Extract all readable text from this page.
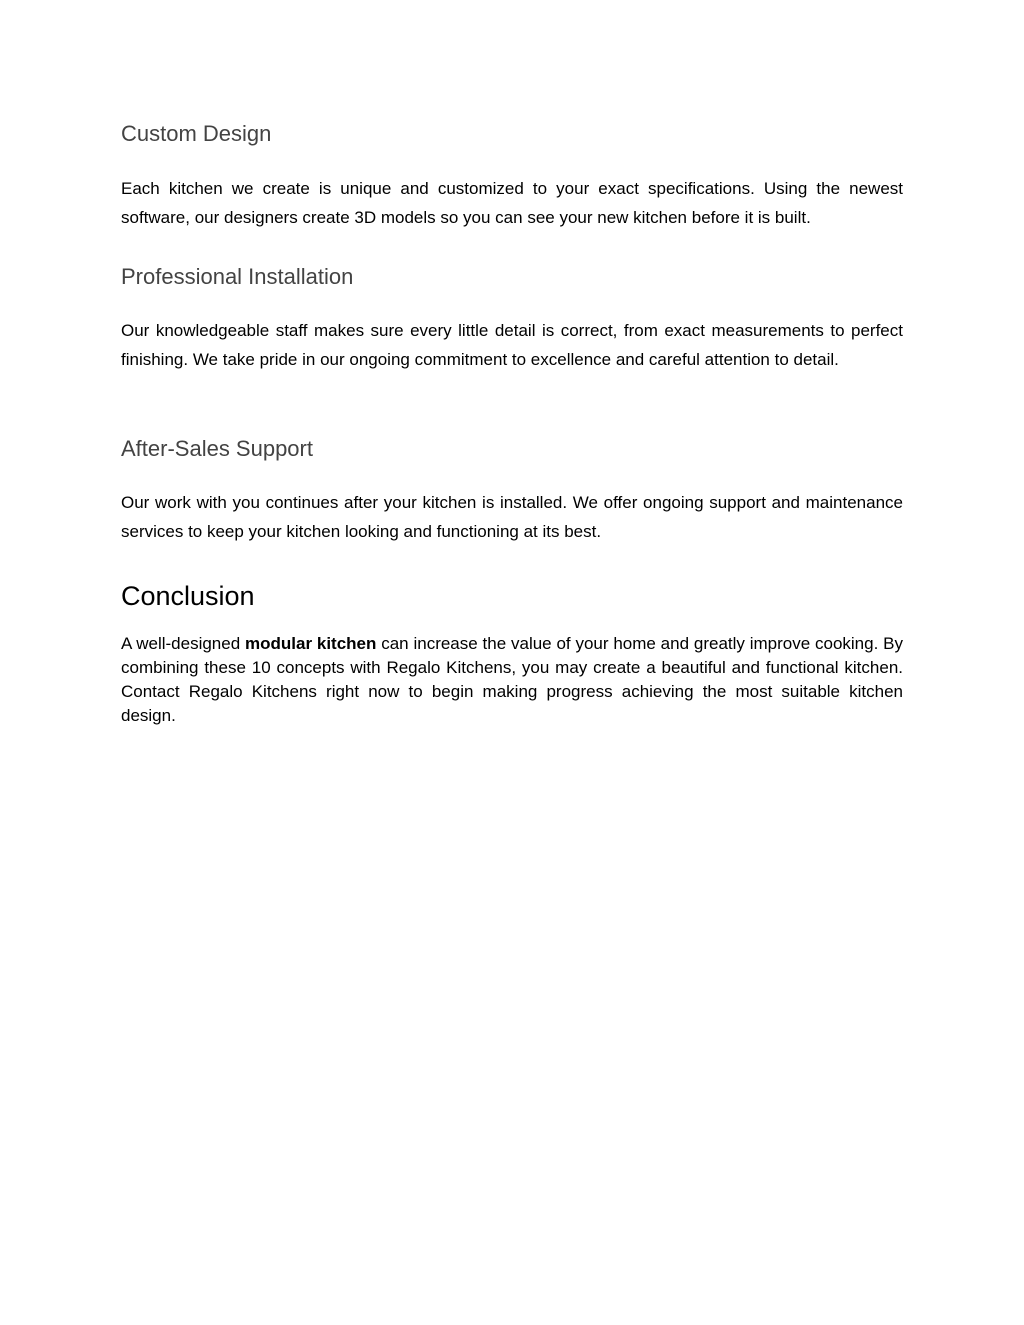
Custom Design

Each kitchen we create is unique and customized to your exact specifications. Using the newest software, our designers create 3D models so you can see your new kitchen before it is built.

Professional Installation

Our knowledgeable staff makes sure every little detail is correct, from exact measurements to perfect finishing. We take pride in our ongoing commitment to excellence and careful attention to detail.

After-Sales Support

Our work with you continues after your kitchen is installed. We offer ongoing support and maintenance services to keep your kitchen looking and functioning at its best.

Conclusion

A well-designed modular kitchen can increase the value of your home and greatly improve cooking. By combining these 10 concepts with Regalo Kitchens, you may create a beautiful and functional kitchen. Contact Regalo Kitchens right now to begin making progress achieving the most suitable kitchen design.
